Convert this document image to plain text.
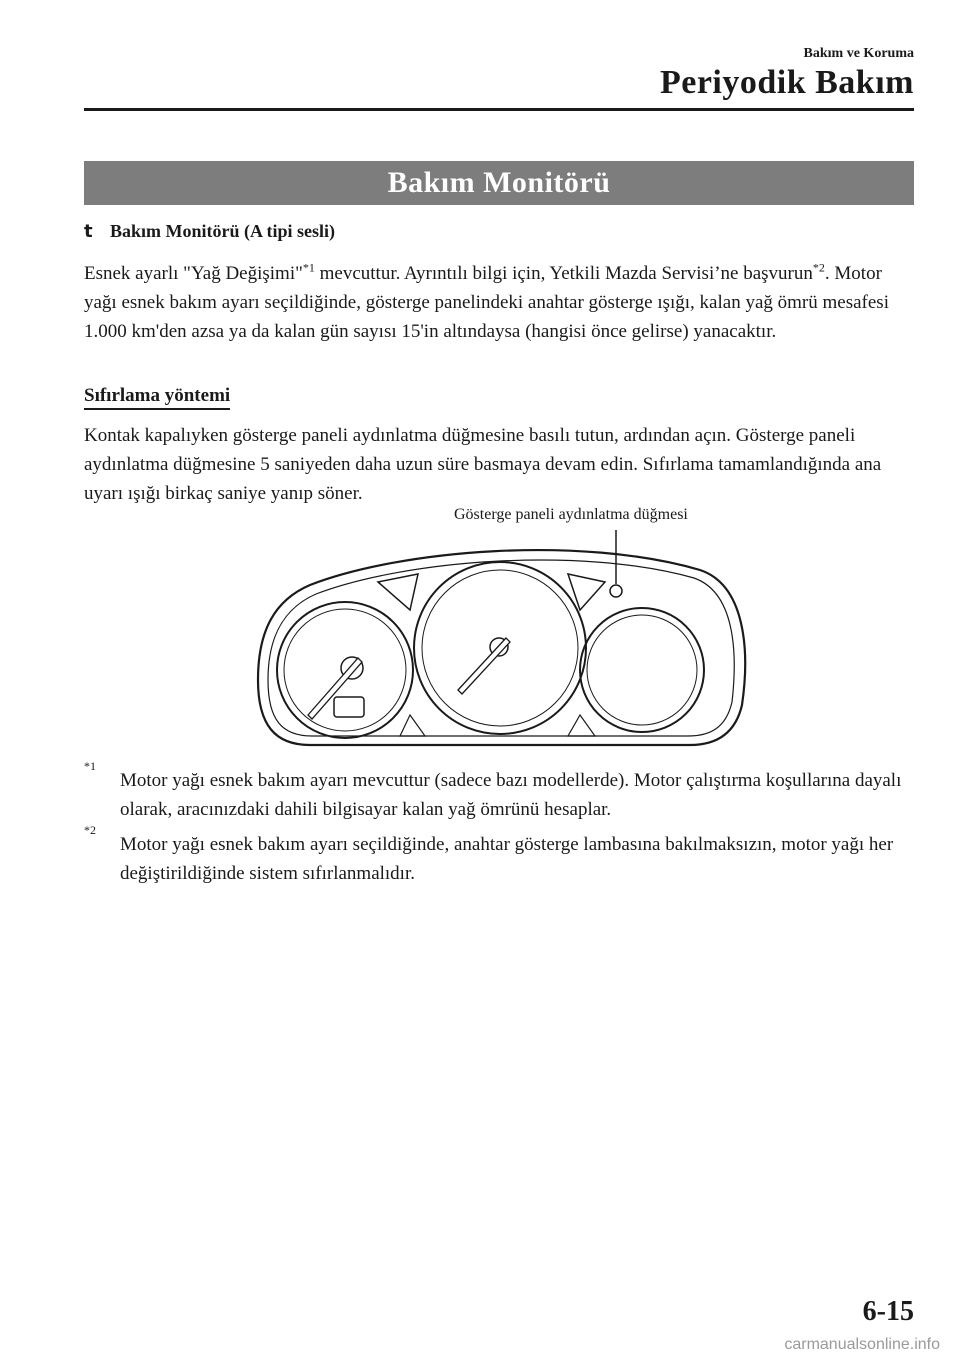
Bakım ve Koruma
Periyodik Bakım
Bakım Monitörü
t Bakım Monitörü (A tipi sesli)

Esnek ayarlı "Yağ Değişimi"$^{*1}$ mevcuttur. Ayrıntılı bilgi için, Yetkili Mazda Servisi’ne başvurun$^{*2}$. Motor yağı esnek bakım ayarı seçildiğinde, gösterge panelindeki anahtar gösterge ışığı, kalan yağ ömrü mesafesi 1.000 km'den azsa ya da kalan gün sayısı 15'in altındaysa (hangisi önce gelirse) yanacaktır.

Sıfırlama yöntemi

Kontak kapalıyken gösterge paneli aydınlatma düğmesine basılı tutun, ardından açın. Gösterge paneli aydınlatma düğmesine 5 saniyeden daha uzun süre basmaya devam edin. Sıfırlama tamamlandığında ana uyarı ışığı birkaç saniye yanıp söner.

Gösterge paneli aydınlatma düğmesi
*1
Motor yağı esnek bakım ayarı mevcuttur (sadece bazı modellerde). Motor çalıştırma koşullarına dayalı olarak, aracınızdaki dahili bilgisayar kalan yağ ömrünü hesaplar.
*2
Motor yağı esnek bakım ayarı seçildiğinde, anahtar gösterge lambasına bakılmaksızın, motor yağı her değiştirildiğinde sistem sıfırlanmalıdır.
6-15
carmanualsonline.info
